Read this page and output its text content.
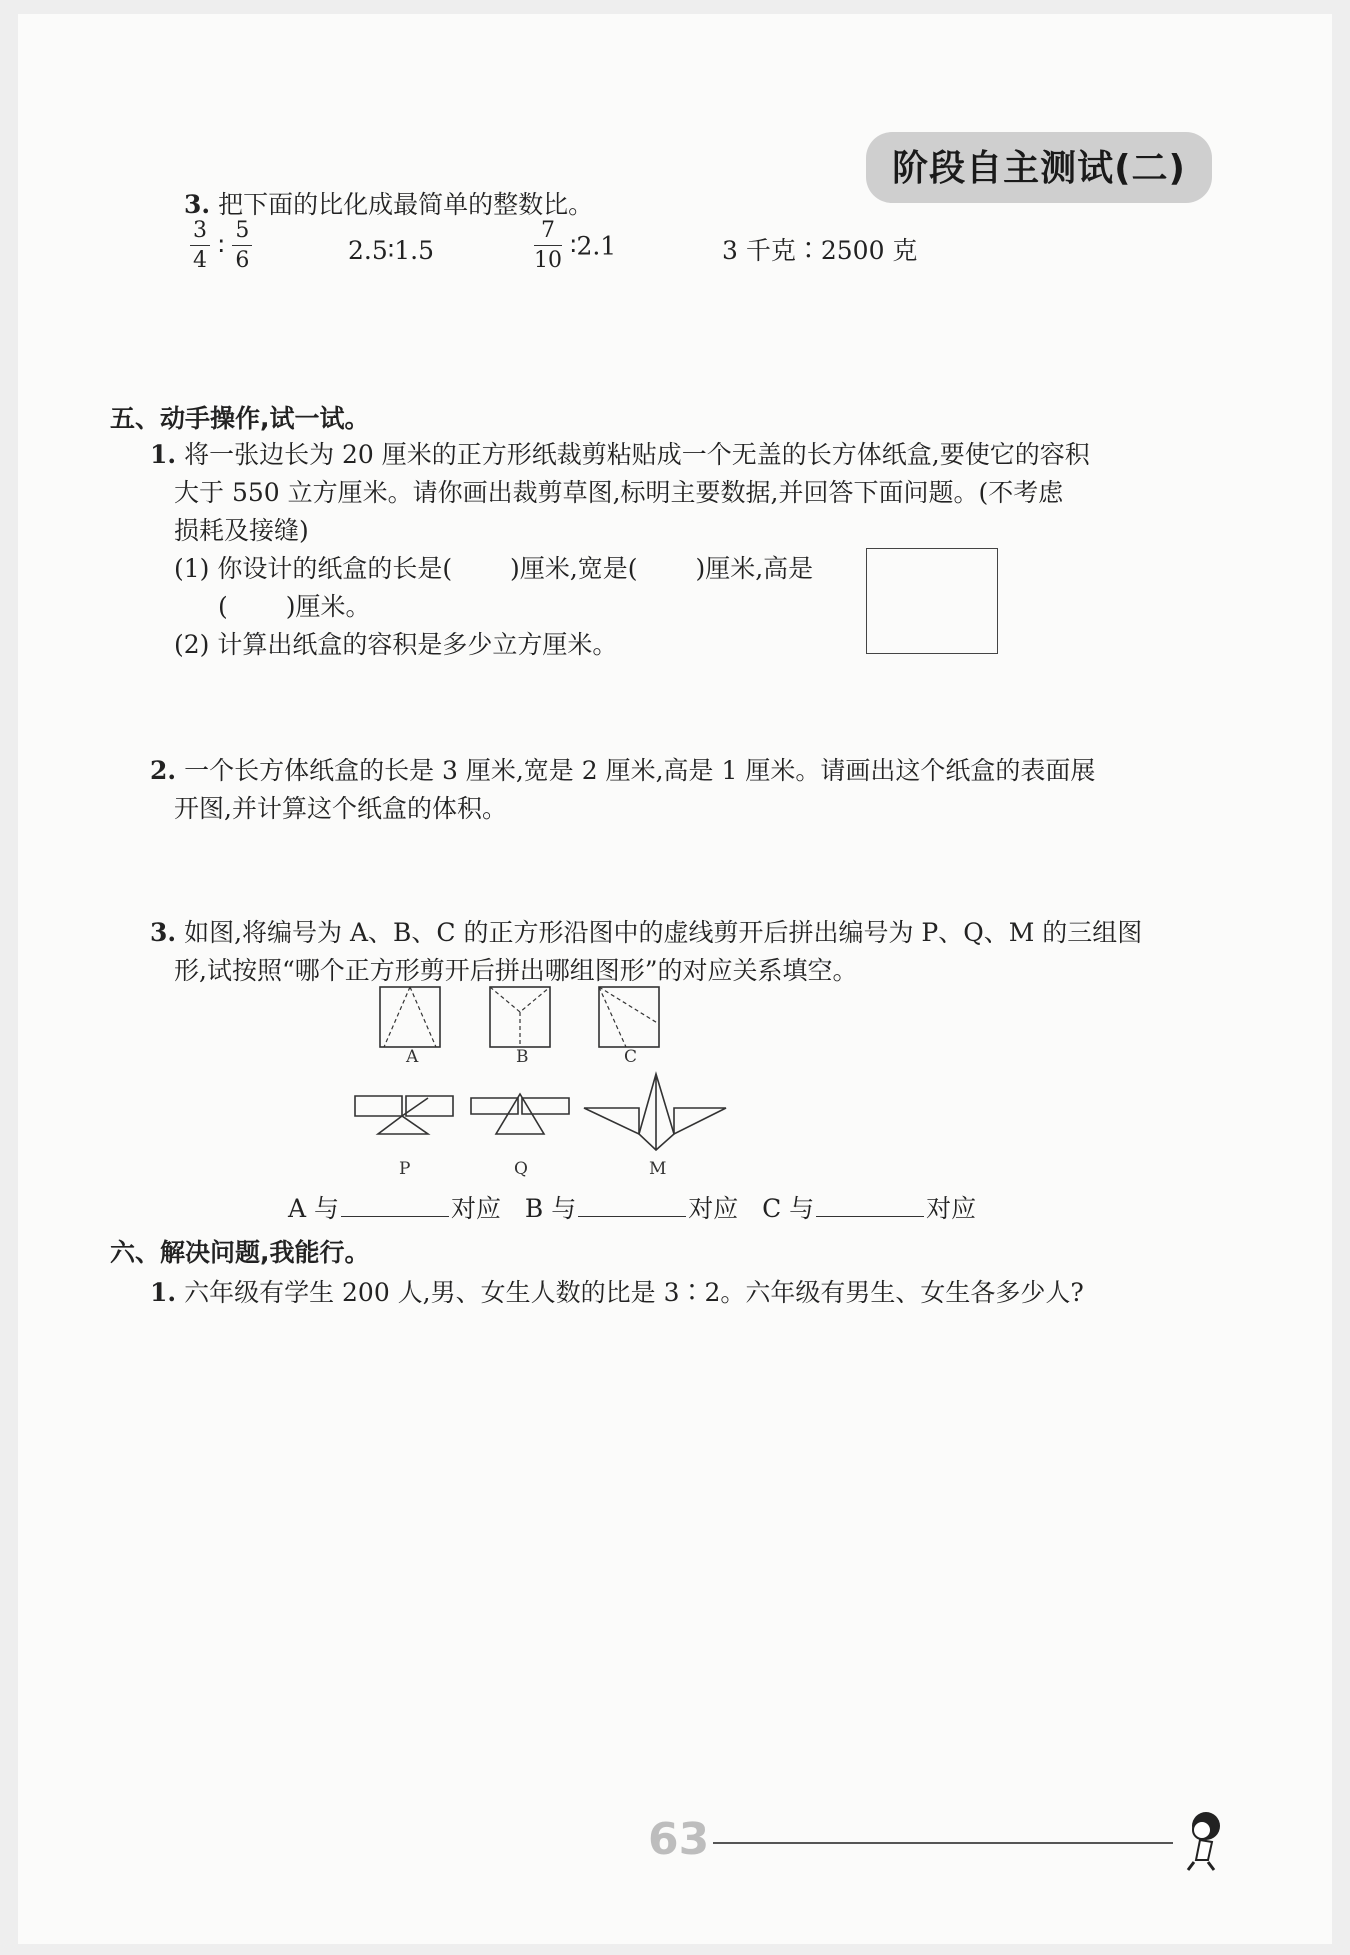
阶段自主测试(二)
3. 把下面的比化成最简单的整数比。
$\frac{3}{4}$ ∶ $\frac{5}{6}$	2.5∶1.5	$\frac{7}{10}$ ∶2.1	3 千克∶2500 克
五、动手操作,试一试。
1. 将一张边长为 20 厘米的正方形纸裁剪粘贴成一个无盖的长方体纸盒,要使它的容积
大于 550 立方厘米。请你画出裁剪草图,标明主要数据,并回答下面问题。(不考虑
损耗及接缝)
(1) 你设计的纸盒的长是(　　 )厘米,宽是(　　 )厘米,高是
(　　 )厘米。
(2) 计算出纸盒的容积是多少立方厘米。
2. 一个长方体纸盒的长是 3 厘米,宽是 2 厘米,高是 1 厘米。请画出这个纸盒的表面展
开图,并计算这个纸盒的体积。
3. 如图,将编号为 A、B、C 的正方形沿图中的虚线剪开后拼出编号为 P、Q、M 的三组图
形,试按照“哪个正方形剪开后拼出哪组图形”的对应关系填空。
A	B	C
P	Q	M
A 与	对应 B 与	对应 C 与	对应
六、解决问题,我能行。
1. 六年级有学生 200 人,男、女生人数的比是 3∶2。六年级有男生、女生各多少人?
63
